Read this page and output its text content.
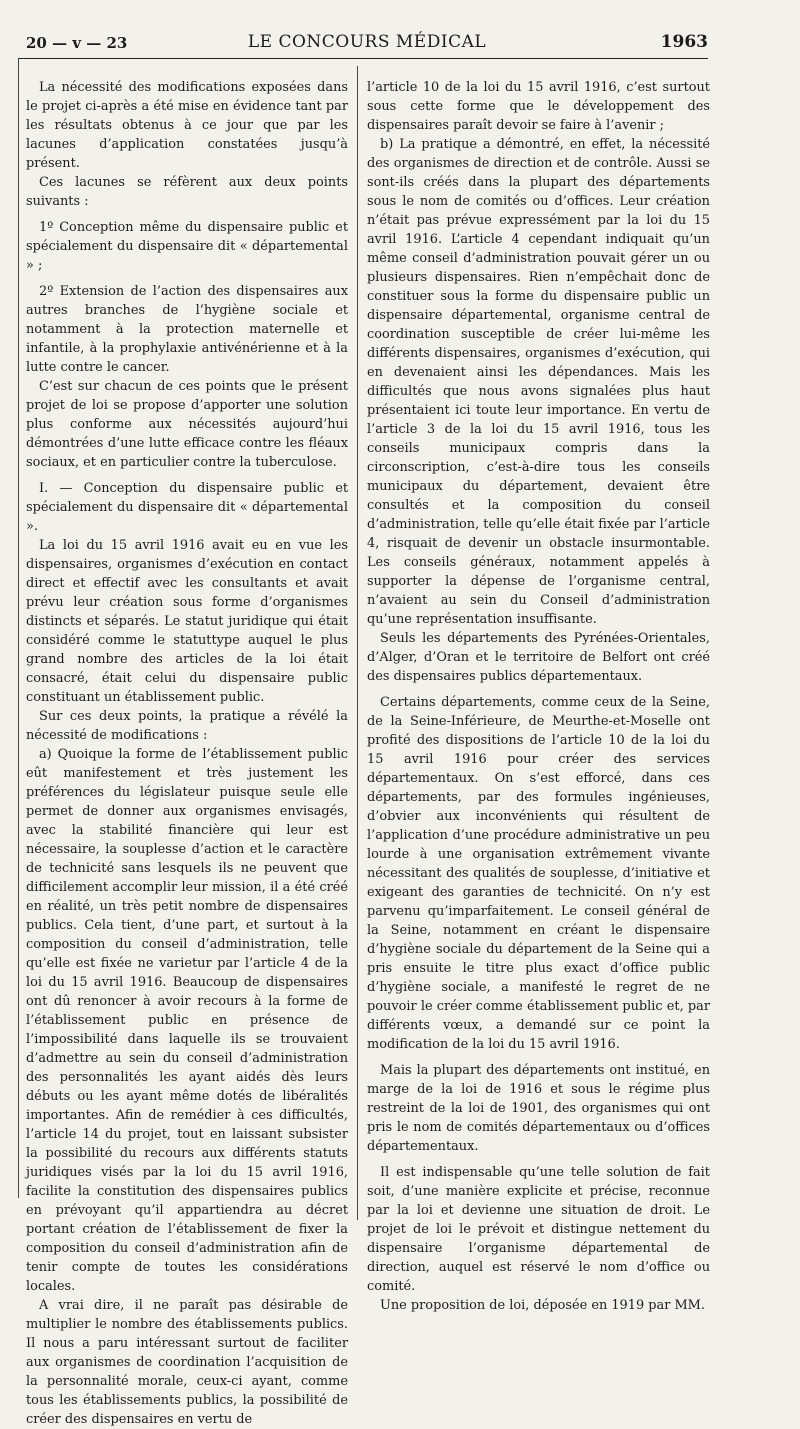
20 — v — 23	LE CONCOURS MÉDICAL	1963

La nécessité des modifications exposées dans le projet ci-après a été mise en évidence tant par les résultats obtenus à ce jour que par les lacunes d’application constatées jusqu’à présent.

Ces lacunes se réfèrent aux deux points suivants :

1º Conception même du dispensaire public et spécialement du dispensaire dit « départemental » ;

2º Extension de l’action des dispensaires aux autres branches de l’hygiène sociale et notamment à la protection maternelle et infantile, à la prophylaxie antivénérienne et à la lutte contre le cancer.

C’est sur chacun de ces points que le présent projet de loi se propose d’apporter une solution plus conforme aux nécessités aujourd’hui démontrées d’une lutte efficace contre les fléaux sociaux, et en particulier contre la tuberculose.

I. — Conception du dispensaire public et spécialement du dispensaire dit « départemental ».

La loi du 15 avril 1916 avait eu en vue les dispensaires, organismes d’exécution en contact direct et effectif avec les consultants et avait prévu leur création sous forme d’organismes distincts et séparés. Le statut juridique qui était considéré comme le statuttype auquel le plus grand nombre des articles de la loi était consacré, était celui du dispensaire public constituant un établissement public.

Sur ces deux points, la pratique a révélé la nécessité de modifications :

a) Quoique la forme de l’établissement public eût manifestement et très justement les préférences du législateur puisque seule elle permet de donner aux organismes envisagés, avec la stabilité financière qui leur est nécessaire, la souplesse d’action et le caractère de technicité sans lesquels ils ne peuvent que difficilement accomplir leur mission, il a été créé en réalité, un très petit nombre de dispensaires publics. Cela tient, d’une part, et surtout à la composition du conseil d’administration, telle qu’elle est fixée ne varietur par l’article 4 de la loi du 15 avril 1916. Beaucoup de dispensaires ont dû renoncer à avoir recours à la forme de l’établissement public en présence de l’impossibilité dans laquelle ils se trouvaient d’admettre au sein du conseil d’administration des personnalités les ayant aidés dès leurs débuts ou les ayant même dotés de libéralités importantes. Afin de remédier à ces difficultés, l’article 14 du projet, tout en laissant subsister la possibilité du recours aux différents statuts juridiques visés par la loi du 15 avril 1916, facilite la constitution des dispensaires publics en prévoyant qu’il appartiendra au décret portant création de l’établissement de fixer la composition du conseil d’administration afin de tenir compte de toutes les considérations locales.

A vrai dire, il ne paraît pas désirable de multiplier le nombre des établissements publics. Il nous a paru intéressant surtout de faciliter aux organismes de coordination l’acquisition de la personnalité morale, ceux-ci ayant, comme tous les établissements publics, la possibilité de créer des dispensaires en vertu de

l’article 10 de la loi du 15 avril 1916, c’est surtout sous cette forme que le développement des dispensaires paraît devoir se faire à l’avenir ;

b) La pratique a démontré, en effet, la nécessité des organismes de direction et de contrôle. Aussi se sont-ils créés dans la plupart des départements sous le nom de comités ou d’offices. Leur création n’était pas prévue expressément par la loi du 15 avril 1916. L’article 4 cependant indiquait qu’un même conseil d’administration pouvait gérer un ou plusieurs dispensaires. Rien n’empêchait donc de constituer sous la forme du dispensaire public un dispensaire départemental, organisme central de coordination susceptible de créer lui-même les différents dispensaires, organismes d’exécution, qui en devenaient ainsi les dépendances. Mais les difficultés que nous avons signalées plus haut présentaient ici toute leur importance. En vertu de l’article 3 de la loi du 15 avril 1916, tous les conseils municipaux compris dans la circonscription, c’est-à-dire tous les conseils municipaux du département, devaient être consultés et la composition du conseil d’administration, telle qu’elle était fixée par l’article 4, risquait de devenir un obstacle insurmontable. Les conseils généraux, notamment appelés à supporter la dépense de l’organisme central, n’avaient au sein du Conseil d’administration qu’une représentation insuffisante.

Seuls les départements des Pyrénées-Orientales, d’Alger, d’Oran et le territoire de Belfort ont créé des dispensaires publics départementaux.

Certains départements, comme ceux de la Seine, de la Seine-Inférieure, de Meurthe-et-Moselle ont profité des dispositions de l’article 10 de la loi du 15 avril 1916 pour créer des services départementaux. On s’est efforcé, dans ces départements, par des formules ingénieuses, d’obvier aux inconvénients qui résultent de l’application d’une procédure administrative un peu lourde à une organisation extrêmement vivante nécessitant des qualités de souplesse, d’initiative et exigeant des garanties de technicité. On n’y est parvenu qu’imparfaitement. Le conseil général de la Seine, notamment en créant le dispensaire d’hygiène sociale du département de la Seine qui a pris ensuite le titre plus exact d’office public d’hygiène sociale, a manifesté le regret de ne pouvoir le créer comme établissement public et, par différents vœux, a demandé sur ce point la modification de la loi du 15 avril 1916.

Mais la plupart des départements ont institué, en marge de la loi de 1916 et sous le régime plus restreint de la loi de 1901, des organismes qui ont pris le nom de comités départementaux ou d’offices départementaux.

Il est indispensable qu’une telle solution de fait soit, d’une manière explicite et précise, reconnue par la loi et devienne une situation de droit. Le projet de loi le prévoit et distingue nettement du dispensaire l’organisme départemental de direction, auquel est réservé le nom d’office ou comité.

Une proposition de loi, déposée en 1919 par MM.
